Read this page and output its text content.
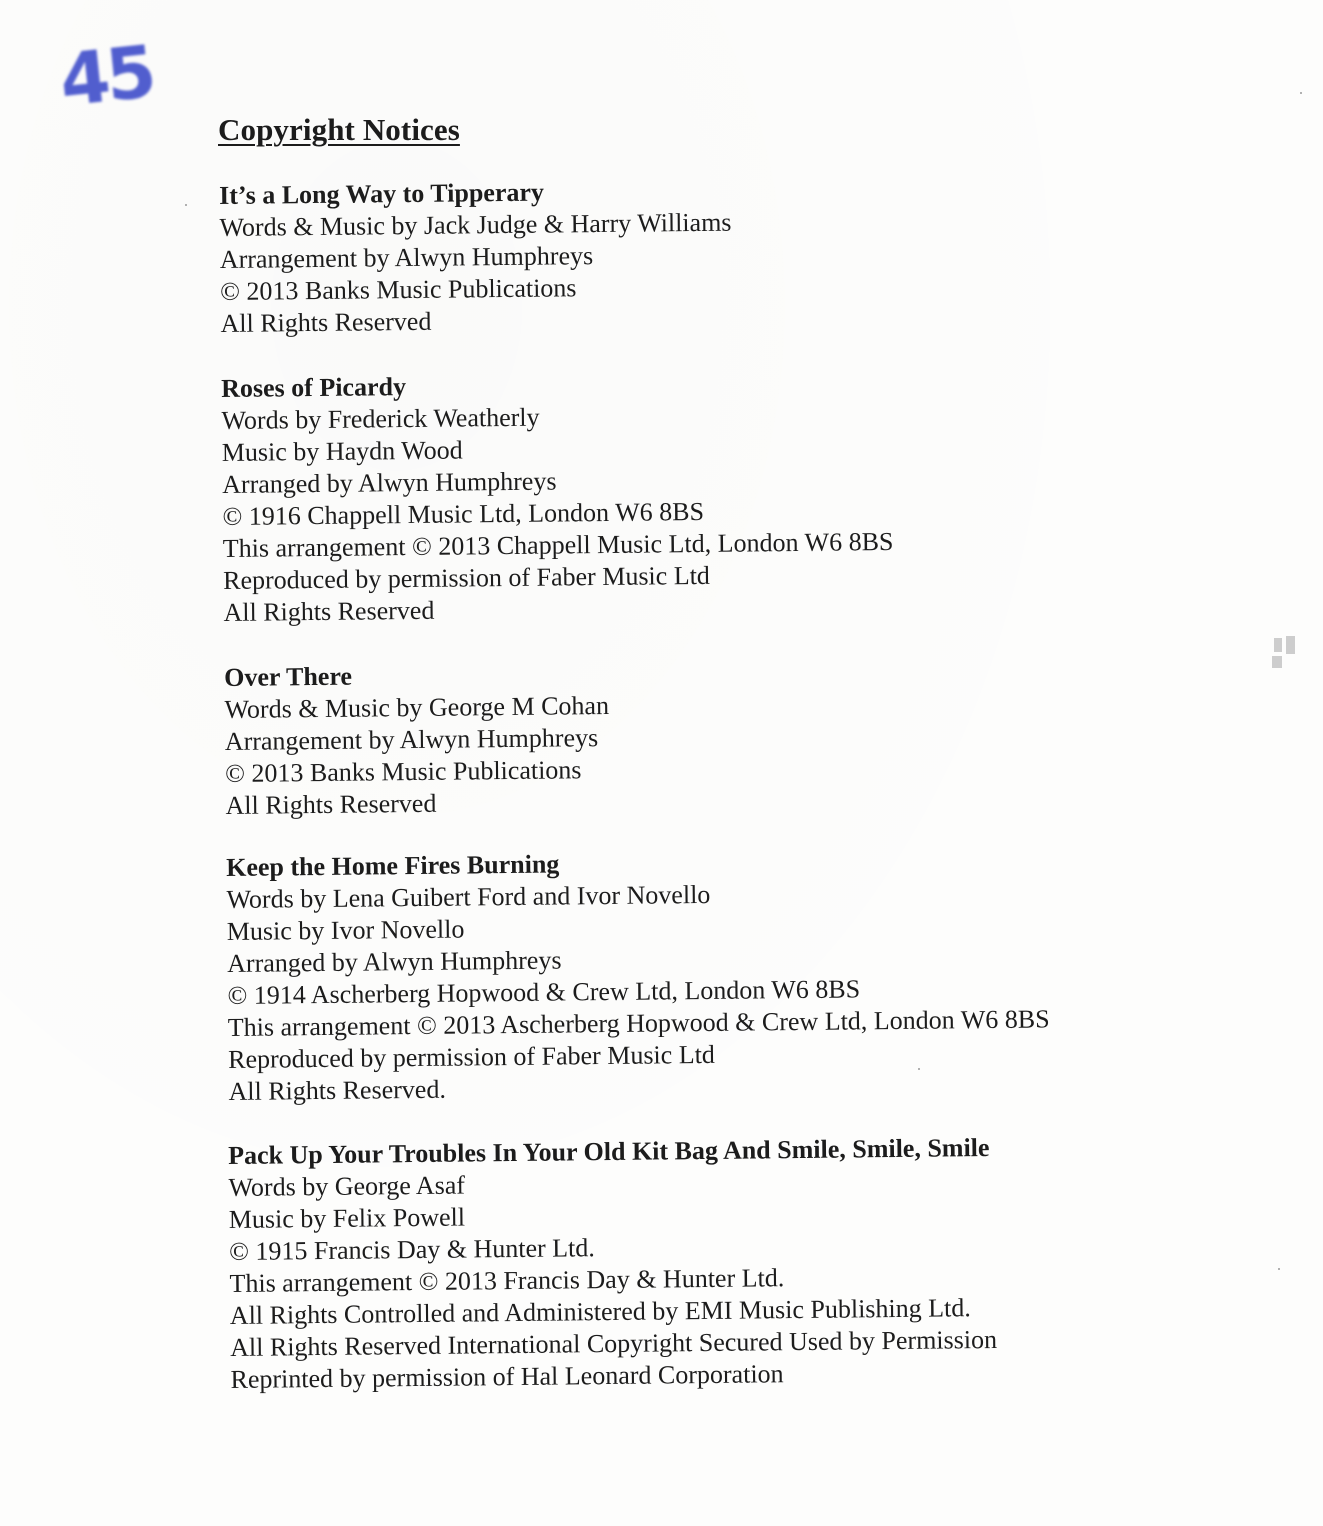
45
Copyright Notices

It’s a Long Way to Tipperary

Words & Music by Jack Judge & Harry Williams

Arrangement by Alwyn Humphreys

© 2013 Banks Music Publications

All Rights Reserved

Roses of Picardy

Words by Frederick Weatherly

Music by Haydn Wood

Arranged by Alwyn Humphreys

© 1916 Chappell Music Ltd, London W6 8BS

This arrangement © 2013 Chappell Music Ltd, London W6 8BS

Reproduced by permission of Faber Music Ltd

All Rights Reserved

Over There

Words & Music by George M Cohan

Arrangement by Alwyn Humphreys

© 2013 Banks Music Publications

All Rights Reserved

Keep the Home Fires Burning

Words by Lena Guibert Ford and Ivor Novello

Music by Ivor Novello

Arranged by Alwyn Humphreys

© 1914 Ascherberg Hopwood & Crew Ltd, London W6 8BS

This arrangement © 2013 Ascherberg Hopwood & Crew Ltd, London W6 8BS

Reproduced by permission of Faber Music Ltd

All Rights Reserved.

Pack Up Your Troubles In Your Old Kit Bag And Smile, Smile, Smile

Words by George Asaf

Music by Felix Powell

© 1915 Francis Day & Hunter Ltd.

This arrangement © 2013 Francis Day & Hunter Ltd.

All Rights Controlled and Administered by EMI Music Publishing Ltd.

All Rights Reserved International Copyright Secured Used by Permission

Reprinted by permission of Hal Leonard Corporation
